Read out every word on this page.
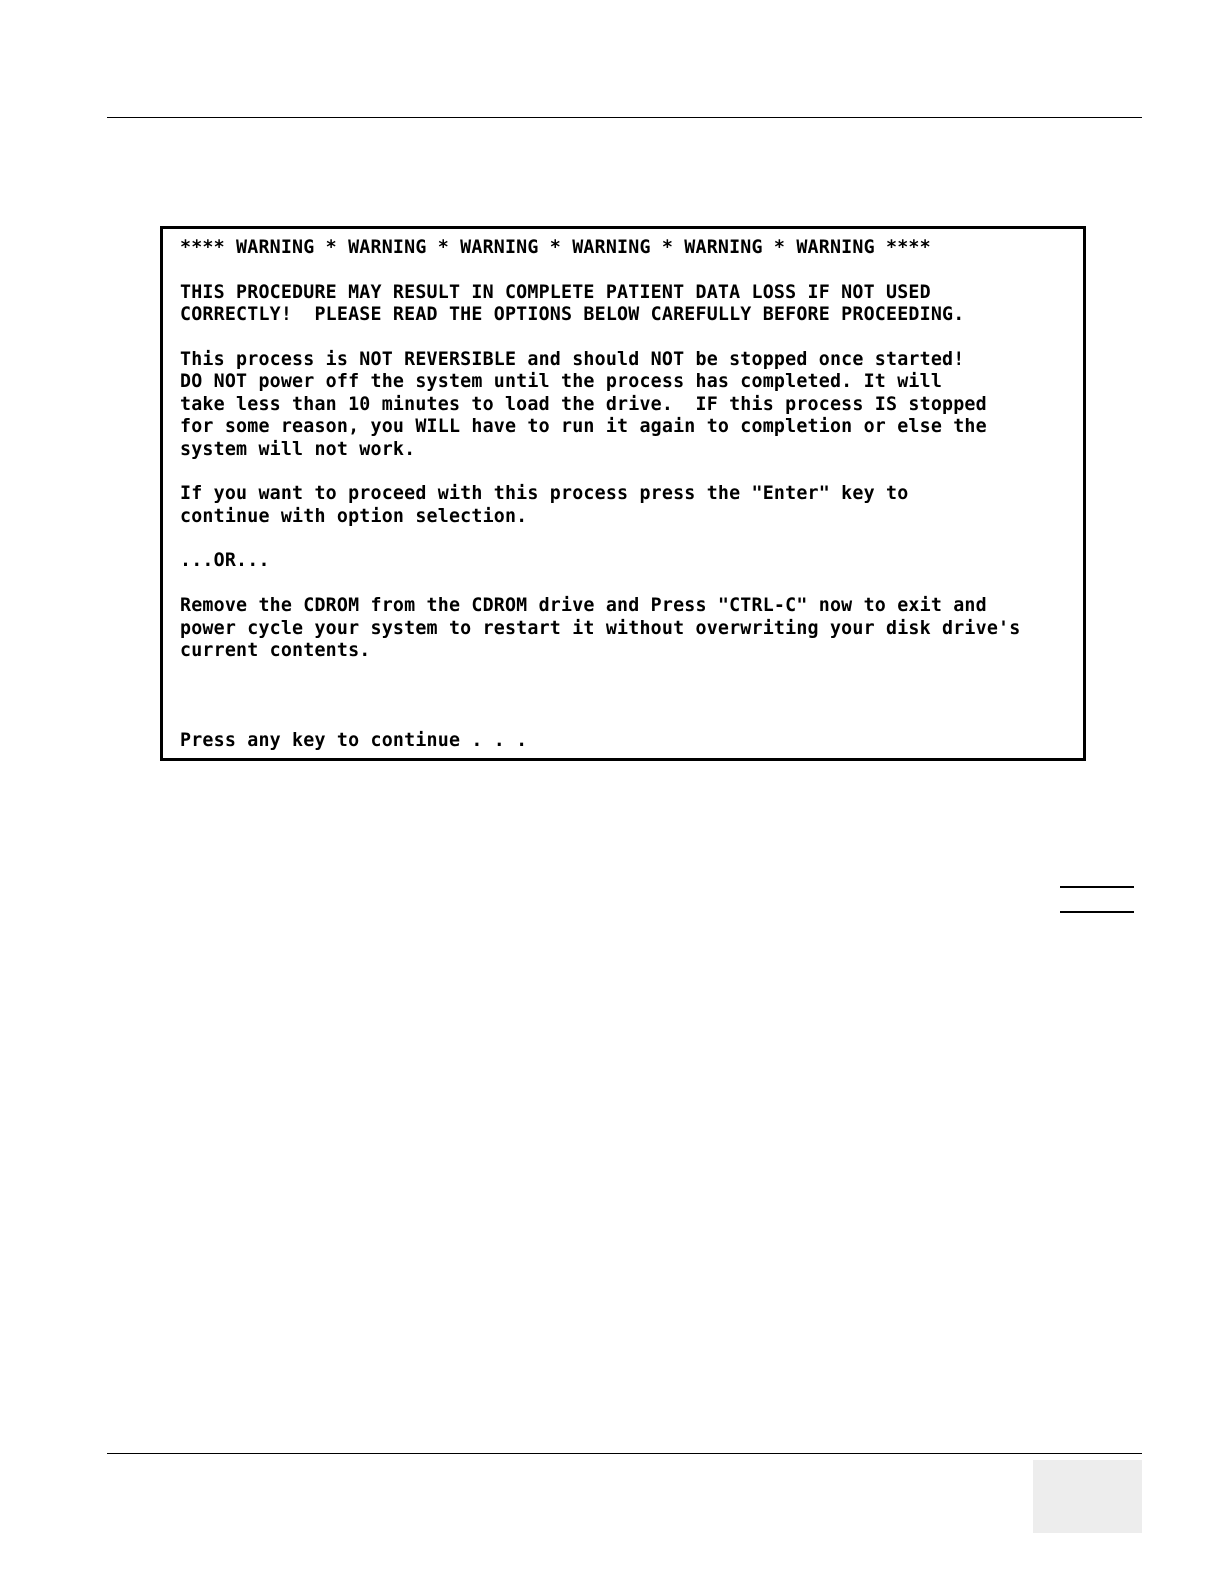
**** WARNING * WARNING * WARNING * WARNING * WARNING * WARNING ****
THIS PROCEDURE MAY RESULT IN COMPLETE PATIENT DATA LOSS IF NOT USED
CORRECTLY!  PLEASE READ THE OPTIONS BELOW CAREFULLY BEFORE PROCEEDING.
This process is NOT REVERSIBLE and should NOT be stopped once started!
DO NOT power off the system until the process has completed. It will
take less than 10 minutes to load the drive.  IF this process IS stopped
for some reason, you WILL have to run it again to completion or else the
system will not work.
If you want to proceed with this process press the "Enter" key to
continue with option selection.
...OR...
Remove the CDROM from the CDROM drive and Press "CTRL-C" now to exit and
power cycle your system to restart it without overwriting your disk drive's
current contents.
Press any key to continue . . .
